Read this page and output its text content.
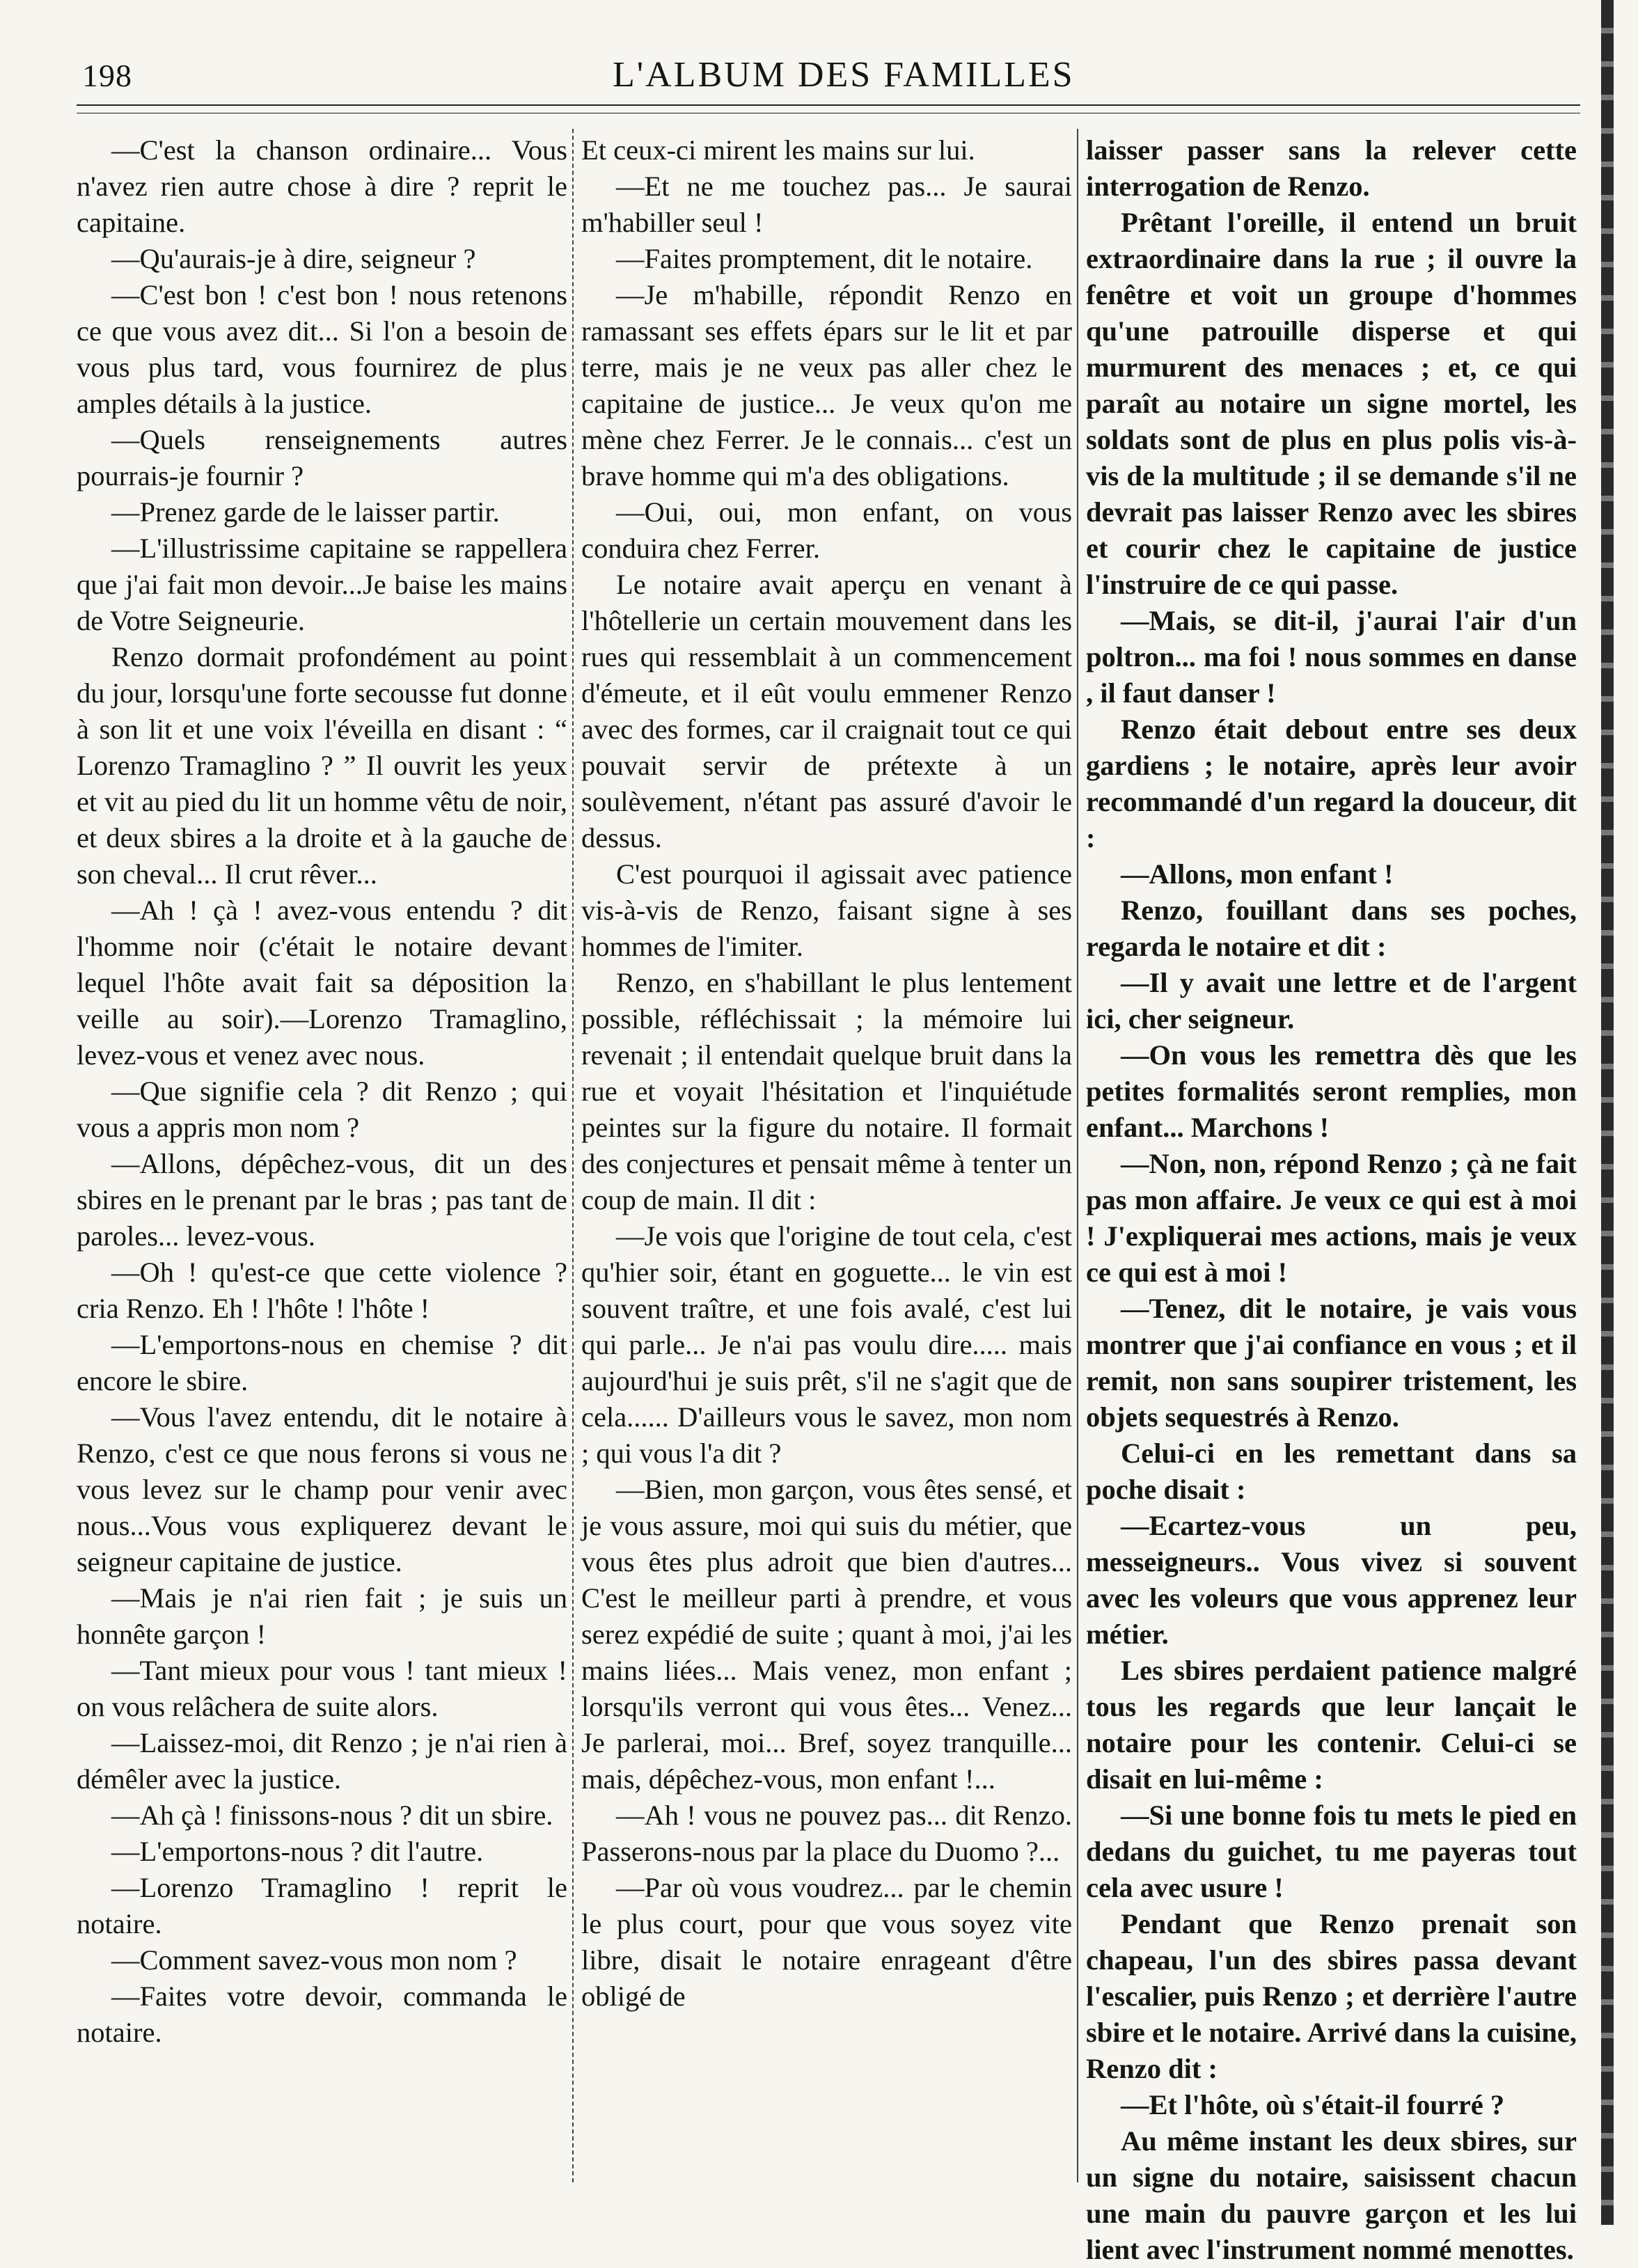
198	L'ALBUM DES FAMILLES

—C'est la chanson ordinaire... Vous n'avez rien autre chose à dire ? reprit le capitaine.

—Qu'aurais-je à dire, seigneur ?

—C'est bon ! c'est bon ! nous retenons ce que vous avez dit... Si l'on a besoin de vous plus tard, vous fournirez de plus amples détails à la justice.

—Quels renseignements autres pourrais-je fournir ?

—Prenez garde de le laisser partir.

—L'illustrissime capitaine se rappellera que j'ai fait mon devoir...Je baise les mains de Votre Seigneurie.

Renzo dormait profondément au point du jour, lorsqu'une forte secousse fut donne à son lit et une voix l'éveilla en disant : “ Lorenzo Tramaglino ? ” Il ouvrit les yeux et vit au pied du lit un homme vêtu de noir, et deux sbires a la droite et à la gauche de son cheval... Il crut rêver...

—Ah ! çà ! avez-vous entendu ? dit l'homme noir (c'était le notaire devant lequel l'hôte avait fait sa déposition la veille au soir).—Lorenzo Tramaglino, levez-vous et venez avec nous.

—Que signifie cela ? dit Renzo ; qui vous a appris mon nom ?

—Allons, dépêchez-vous, dit un des sbires en le prenant par le bras ; pas tant de paroles... levez-vous.

—Oh ! qu'est-ce que cette violence ? cria Renzo. Eh ! l'hôte ! l'hôte !

—L'emportons-nous en chemise ? dit encore le sbire.

—Vous l'avez entendu, dit le notaire à Renzo, c'est ce que nous ferons si vous ne vous levez sur le champ pour venir avec nous...Vous vous expliquerez devant le seigneur capitaine de justice.

—Mais je n'ai rien fait ; je suis un honnête garçon !

—Tant mieux pour vous ! tant mieux ! on vous relâchera de suite alors.

—Laissez-moi, dit Renzo ; je n'ai rien à démêler avec la justice.

—Ah çà ! finissons-nous ? dit un sbire.

—L'emportons-nous ? dit l'autre.

—Lorenzo Tramaglino ! reprit le notaire.

—Comment savez-vous mon nom ?

—Faites votre devoir, commanda le notaire.

Et ceux-ci mirent les mains sur lui.

—Et ne me touchez pas... Je saurai m'habiller seul !

—Faites promptement, dit le notaire.

—Je m'habille, répondit Renzo en ramassant ses effets épars sur le lit et par terre, mais je ne veux pas aller chez le capitaine de justice... Je veux qu'on me mène chez Ferrer. Je le connais... c'est un brave homme qui m'a des obligations.

—Oui, oui, mon enfant, on vous conduira chez Ferrer.

Le notaire avait aperçu en venant à l'hôtellerie un certain mouvement dans les rues qui ressemblait à un commencement d'émeute, et il eût voulu emmener Renzo avec des formes, car il craignait tout ce qui pouvait servir de prétexte à un soulèvement, n'étant pas assuré d'avoir le dessus.

C'est pourquoi il agissait avec patience vis-à-vis de Renzo, faisant signe à ses hommes de l'imiter.

Renzo, en s'habillant le plus lentement possible, réfléchissait ; la mémoire lui revenait ; il entendait quelque bruit dans la rue et voyait l'hésitation et l'inquiétude peintes sur la figure du notaire. Il formait des conjectures et pensait même à tenter un coup de main. Il dit :

—Je vois que l'origine de tout cela, c'est qu'hier soir, étant en goguette... le vin est souvent traître, et une fois avalé, c'est lui qui parle... Je n'ai pas voulu dire..... mais aujourd'hui je suis prêt, s'il ne s'agit que de cela...... D'ailleurs vous le savez, mon nom ; qui vous l'a dit ?

—Bien, mon garçon, vous êtes sensé, et je vous assure, moi qui suis du métier, que vous êtes plus adroit que bien d'autres... C'est le meilleur parti à prendre, et vous serez expédié de suite ; quant à moi, j'ai les mains liées... Mais venez, mon enfant ; lorsqu'ils verront qui vous êtes... Venez... Je parlerai, moi... Bref, soyez tranquille... mais, dépêchez-vous, mon enfant !...

—Ah ! vous ne pouvez pas... dit Renzo. Passerons-nous par la place du Duomo ?...

—Par où vous voudrez... par le chemin le plus court, pour que vous soyez vite libre, disait le notaire enrageant d'être obligé de

laisser passer sans la relever cette interrogation de Renzo.

Prêtant l'oreille, il entend un bruit extraordinaire dans la rue ; il ouvre la fenêtre et voit un groupe d'hommes qu'une patrouille disperse et qui murmurent des menaces ; et, ce qui paraît au notaire un signe mortel, les soldats sont de plus en plus polis vis-à-vis de la multitude ; il se demande s'il ne devrait pas laisser Renzo avec les sbires et courir chez le capitaine de justice l'instruire de ce qui passe.

—Mais, se dit-il, j'aurai l'air d'un poltron... ma foi ! nous sommes en danse , il faut danser !

Renzo était debout entre ses deux gardiens ; le notaire, après leur avoir recommandé d'un regard la douceur, dit :

—Allons, mon enfant !

Renzo, fouillant dans ses poches, regarda le notaire et dit :

—Il y avait une lettre et de l'argent ici, cher seigneur.

—On vous les remettra dès que les petites formalités seront remplies, mon enfant... Marchons !

—Non, non, répond Renzo ; çà ne fait pas mon affaire. Je veux ce qui est à moi ! J'expliquerai mes actions, mais je veux ce qui est à moi !

—Tenez, dit le notaire, je vais vous montrer que j'ai confiance en vous ; et il remit, non sans soupirer tristement, les objets sequestrés à Renzo.

Celui-ci en les remettant dans sa poche disait :

—Ecartez-vous un peu, messeigneurs.. Vous vivez si souvent avec les voleurs que vous apprenez leur métier.

Les sbires perdaient patience malgré tous les regards que leur lançait le notaire pour les contenir. Celui-ci se disait en lui-même :

—Si une bonne fois tu mets le pied en dedans du guichet, tu me payeras tout cela avec usure !

Pendant que Renzo prenait son chapeau, l'un des sbires passa devant l'escalier, puis Renzo ; et derrière l'autre sbire et le notaire. Arrivé dans la cuisine, Renzo dit :

—Et l'hôte, où s'était-il fourré ?

Au même instant les deux sbires, sur un signe du notaire, saisissent chacun une main du pauvre garçon et les lui lient avec l'instrument nommé menottes.
